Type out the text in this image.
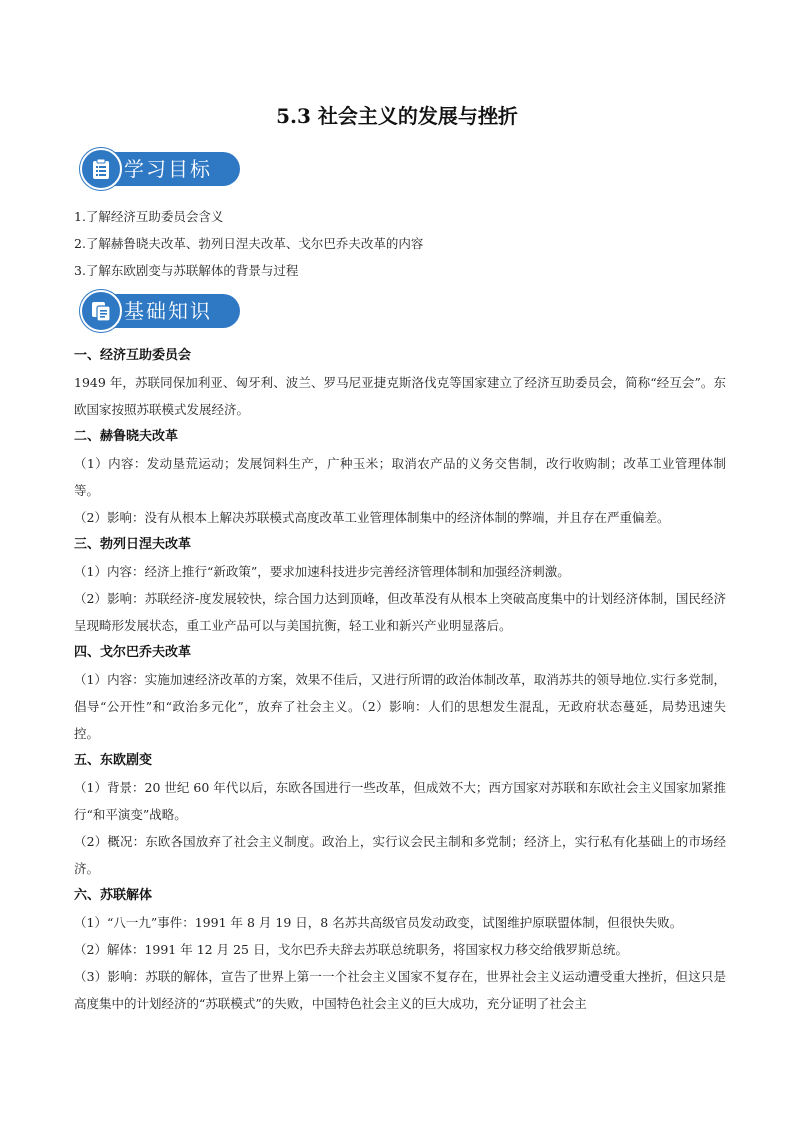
5.3 社会主义的发展与挫折
学习目标
1.了解经济互助委员会含义
2.了解赫鲁晓夫改革、勃列日涅夫改革、戈尔巴乔夫改革的内容
3.了解东欧剧变与苏联解体的背景与过程
基础知识
一、经济互助委员会

1949 年，苏联同保加利亚、匈牙利、波兰、罗马尼亚捷克斯洛伐克等国家建立了经济互助委员会，简称“经互会”。东欧国家按照苏联模式发展经济。

二、赫鲁晓夫改革

（1）内容：发动垦荒运动；发展饲料生产，广种玉米；取消农产品的义务交售制，改行收购制；改革工业管理体制等。

（2）影响：没有从根本上解决苏联模式高度改革工业管理体制集中的经济体制的弊端，并且存在严重偏差。

三、勃列日涅夫改革

（1）内容：经济上推行“新政策”，要求加速科技进步完善经济管理体制和加强经济刺激。

（2）影响：苏联经济-度发展较快，综合国力达到顶峰，但改革没有从根本上突破高度集中的计划经济体制，国民经济呈现畸形发展状态，重工业产品可以与美国抗衡，轻工业和新兴产业明显落后。

四、戈尔巴乔夫改革

（1）内容：实施加速经济改革的方案，效果不佳后，又进行所谓的政治体制改革，取消苏共的领导地位.实行多党制，倡导“公开性”和“政治多元化”，放弃了社会主义。（2）影响：人们的思想发生混乱，无政府状态蔓延，局势迅速失控。

五、东欧剧变

（1）背景：20 世纪 60 年代以后，东欧各国进行一些改革，但成效不大；西方国家对苏联和东欧社会主义国家加紧推行“和平演变”战略。

（2）概况：东欧各国放弃了社会主义制度。政治上，实行议会民主制和多党制；经济上，实行私有化基础上的市场经济。

六、苏联解体

（1）“八一九”事件：1991 年 8 月 19 日，8 名苏共高级官员发动政变，试图维护原联盟体制，但很快失败。

（2）解体：1991 年 12 月 25 日，戈尔巴乔夫辞去苏联总统职务，将国家权力移交给俄罗斯总统。

（3）影响：苏联的解体，宣告了世界上第一一个社会主义国家不复存在，世界社会主义运动遭受重大挫折，但这只是高度集中的计划经济的“苏联模式”的失败，中国特色社会主义的巨大成功，充分证明了社会主
